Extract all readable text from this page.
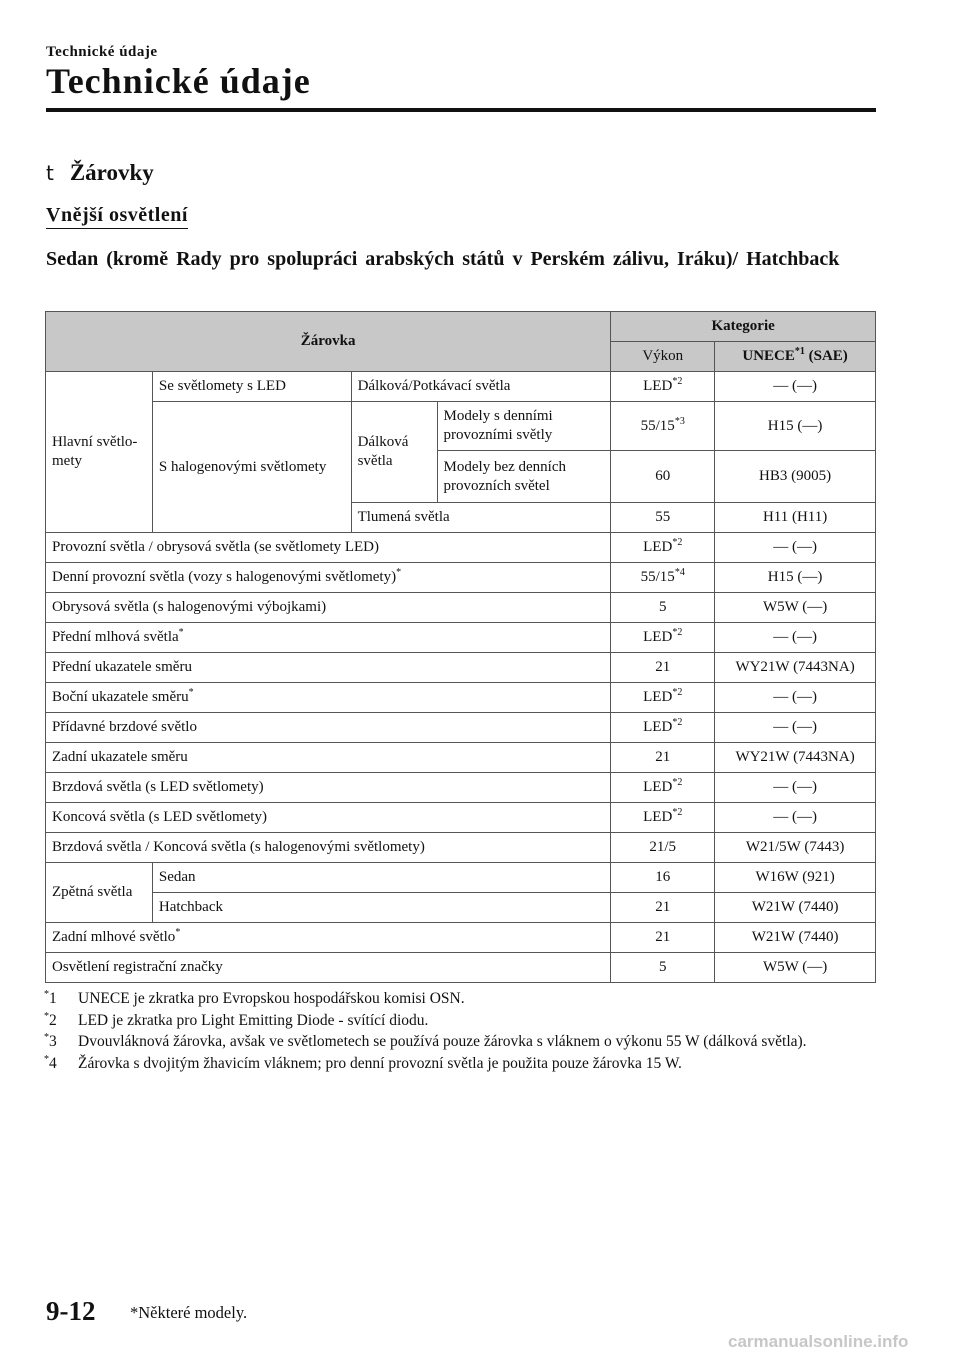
Technické údaje
Technické údaje
t Žárovky
Vnější osvětlení
Sedan (kromě Rady pro spolupráci arabských států v Perském zálivu, Iráku)/ Hatchback
Žárovka				Kategorie	
				Výkon	UNECE$^{*1}$ (SAE)
Hlavní světlo-mety	Se světlomety s LED	Dálková/Potkávací světla		LED$^{*2}$	― (―)
	S halogenovými světlomety	Dálková světla	Modely s denními provozními světly	55/15$^{*3}$	H15 (―)
			Modely bez denních provozních světel	60	HB3 (9005)
		Tlumená světla		55	H11 (H11)
Provozní světla / obrysová světla (se světlomety LED)				LED$^{*2}$	― (―)
Denní provozní světla (vozy s halogenovými světlomety)*				55/15$^{*4}$	H15 (―)
Obrysová světla (s halogenovými výbojkami)				5	W5W (―)
Přední mlhová světla*				LED$^{*2}$	― (―)
Přední ukazatele směru				21	WY21W (7443NA)
Boční ukazatele směru*				LED$^{*2}$	― (―)
Přídavné brzdové světlo				LED$^{*2}$	― (―)
Zadní ukazatele směru				21	WY21W (7443NA)
Brzdová světla (s LED světlomety)				LED$^{*2}$	― (―)
Koncová světla (s LED světlomety)				LED$^{*2}$	― (―)
Brzdová světla / Koncová světla (s halogenovými světlomety)				21/5	W21/5W (7443)
Zpětná světla	Sedan			16	W16W (921)
	Hatchback			21	W21W (7440)
Zadní mlhové světlo*				21	W21W (7440)
Osvětlení registrační značky				5	W5W (―)
*1	UNECE je zkratka pro Evropskou hospodářskou komisi OSN.
*2	LED je zkratka pro Light Emitting Diode - svítící diodu.
*3	Dvouvláknová žárovka, avšak ve světlometech se používá pouze žárovka s vláknem o výkonu 55 W (dálková světla).
*4	Žárovka s dvojitým žhavicím vláknem; pro denní provozní světla je použita pouze žárovka 15 W.
9-12 *Některé modely.
carmanualsonline.info
